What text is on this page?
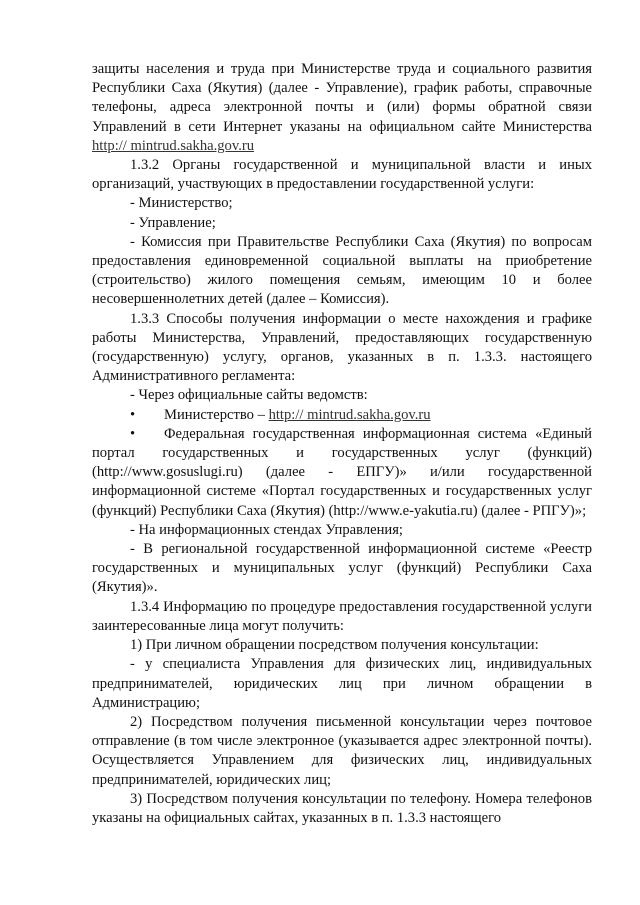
защиты населения и труда при Министерстве труда и социального развития Республики Саха (Якутия) (далее - Управление), график работы, справочные телефоны, адреса электронной почты и (или) формы обратной связи Управлений в сети Интернет указаны на официальном сайте Министерства http:// mintrud.sakha.gov.ru

1.3.2 Органы государственной и муниципальной власти и иных организаций, участвующих в предоставлении государственной услуги:

- Министерство;

- Управление;

- Комиссия при Правительстве Республики Саха (Якутия) по вопросам предоставления единовременной социальной выплаты на приобретение (строительство) жилого помещения семьям, имеющим 10 и более несовершеннолетних детей (далее – Комиссия).

1.3.3 Способы получения информации о месте нахождения и графике работы Министерства, Управлений, предоставляющих государственную (государственную) услугу, органов, указанных в п. 1.3.3. настоящего Административного регламента:

- Через официальные сайты ведомств:

• Министерство – http:// mintrud.sakha.gov.ru

• Федеральная государственная информационная система «Единый портал государственных и государственных услуг (функций) (http://www.gosuslugi.ru) (далее - ЕПГУ)» и/или государственной информационной системе «Портал государственных и государственных услуг (функций) Республики Саха (Якутия) (http://www.e-yakutia.ru) (далее - РПГУ)»;

- На информационных стендах Управления;

- В региональной государственной информационной системе «Реестр государственных и муниципальных услуг (функций) Республики Саха (Якутия)».

1.3.4 Информацию по процедуре предоставления государственной услуги заинтересованные лица могут получить:

1) При личном обращении посредством получения консультации:

- у специалиста Управления для физических лиц, индивидуальных предпринимателей, юридических лиц при личном обращении в Администрацию;

2) Посредством получения письменной консультации через почтовое отправление (в том числе электронное (указывается адрес электронной почты). Осуществляется Управлением для физических лиц, индивидуальных предпринимателей, юридических лиц;

3) Посредством получения консультации по телефону. Номера телефонов указаны на официальных сайтах, указанных в п. 1.3.3 настоящего
